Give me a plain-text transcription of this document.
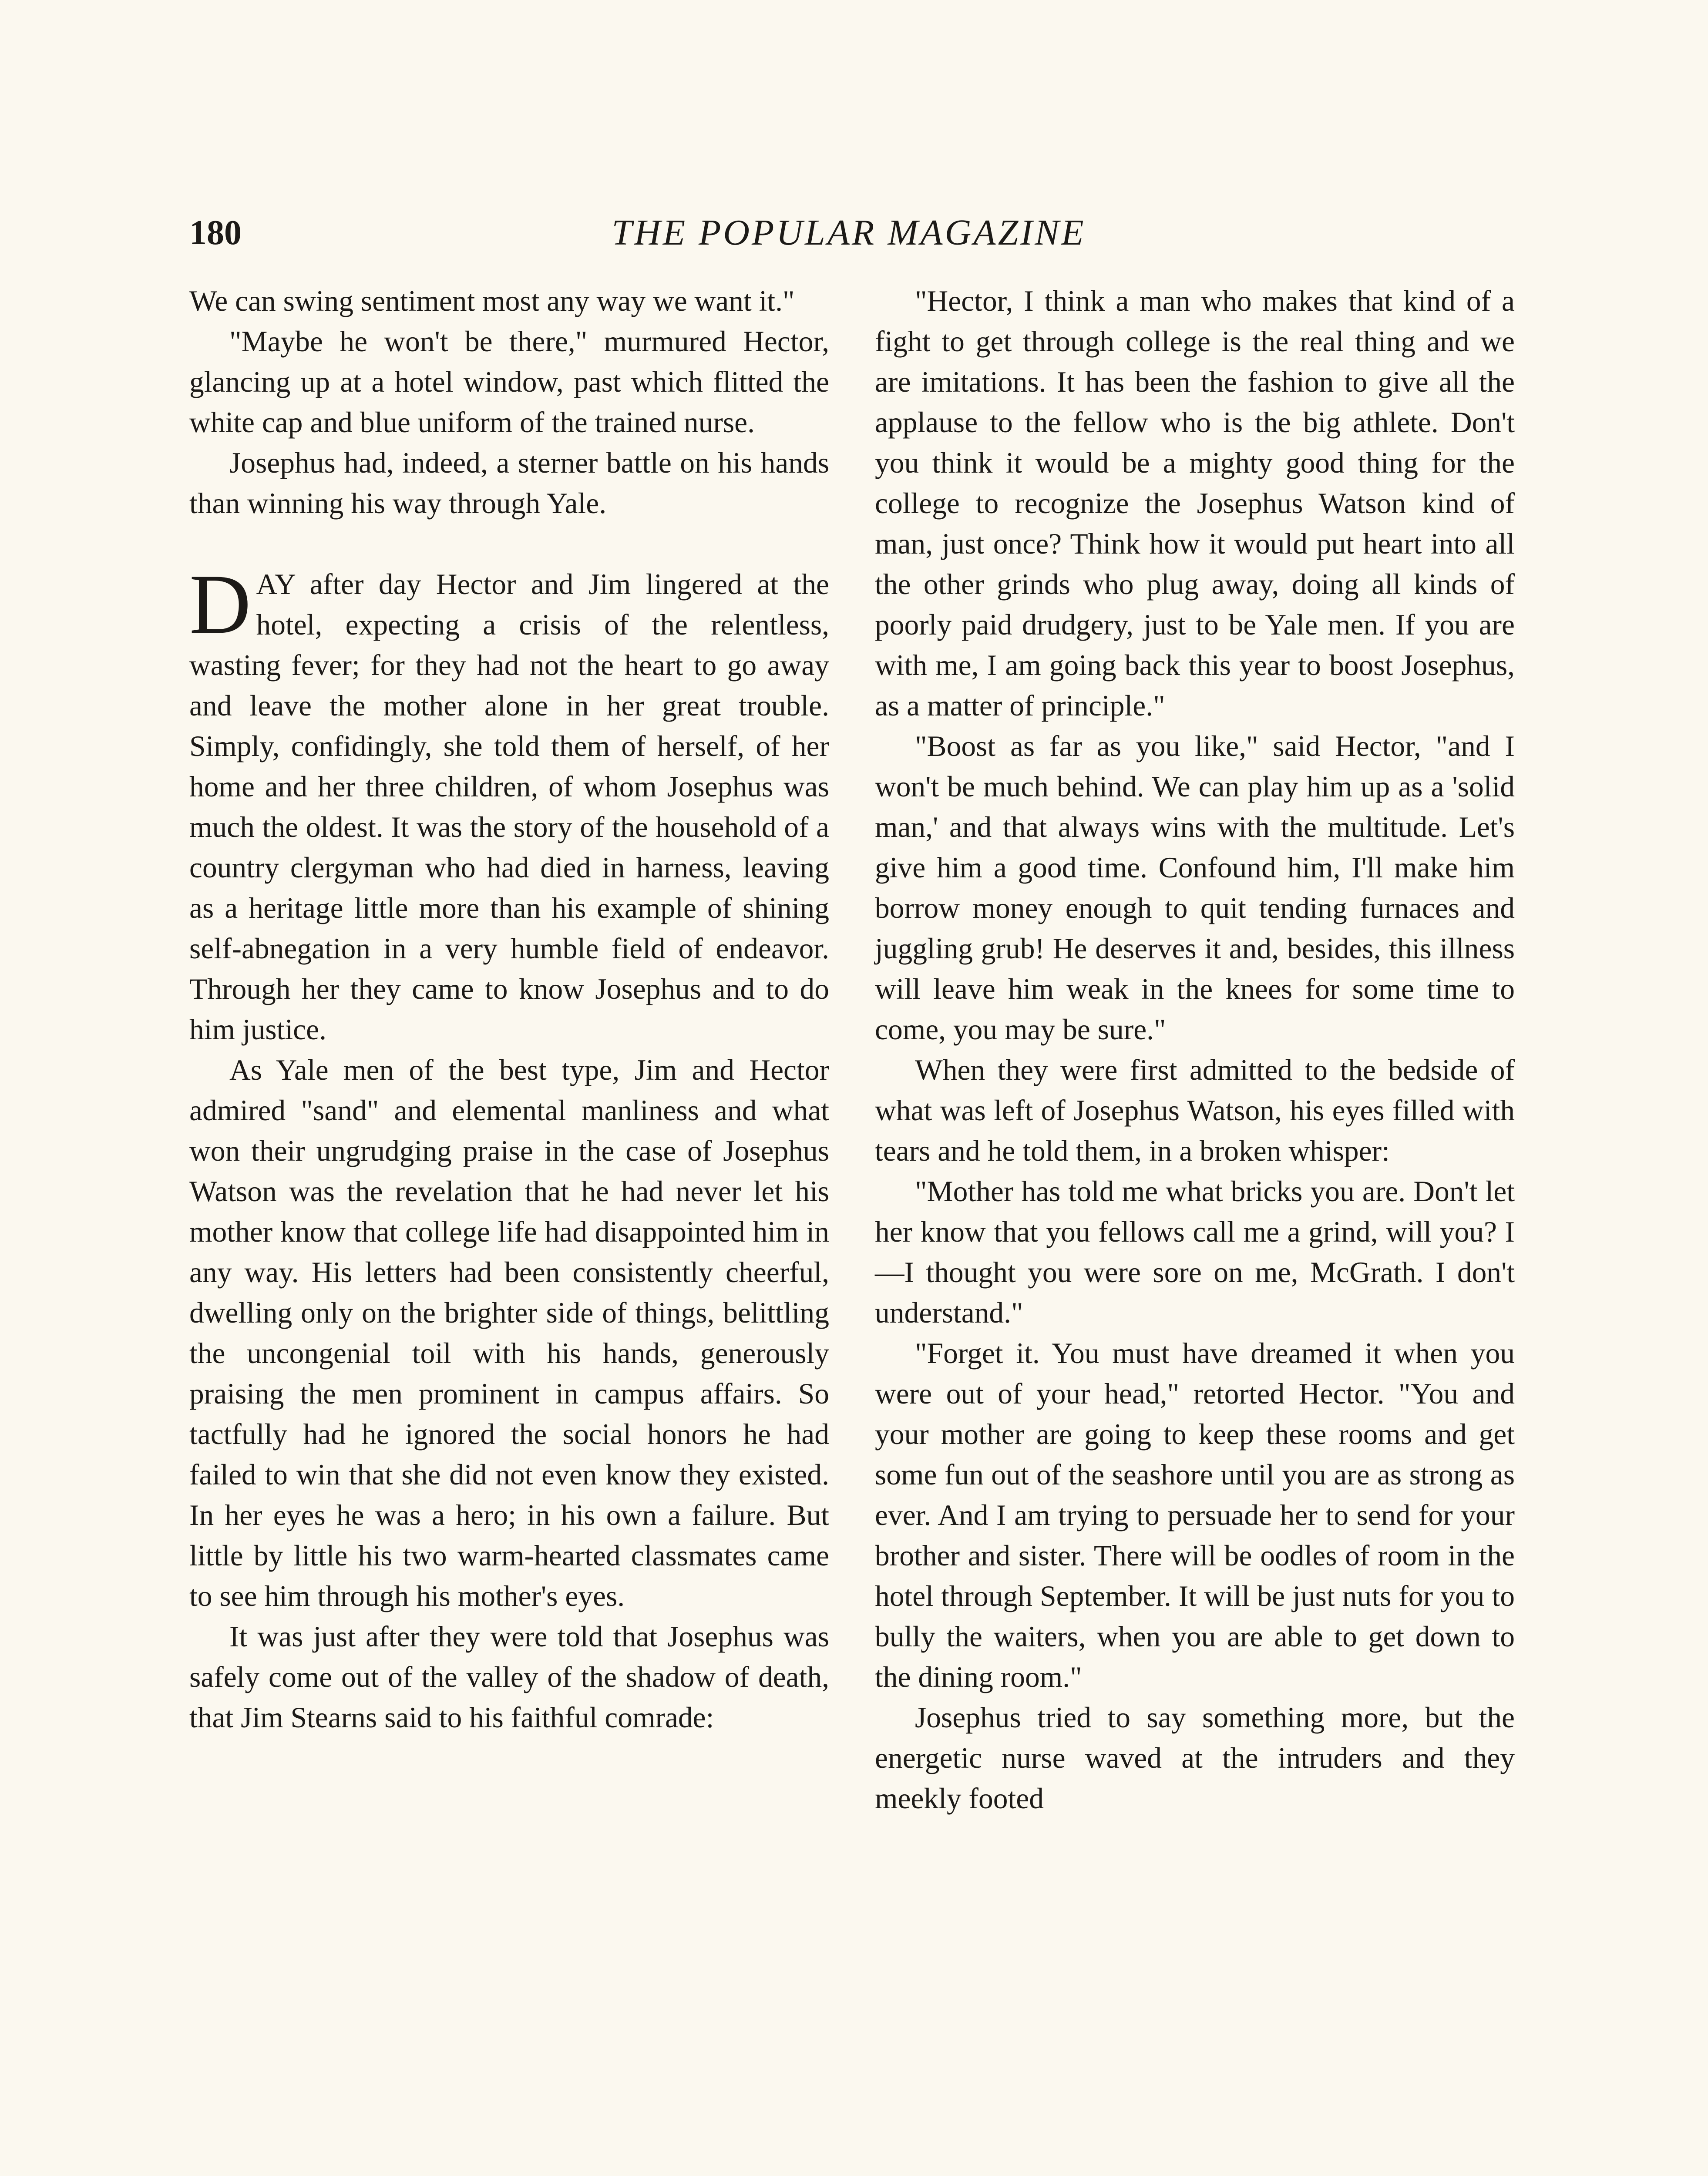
180	THE POPULAR MAGAZINE

We can swing sentiment most any way we want it."

"Maybe he won't be there," murmured Hector, glancing up at a hotel window, past which flitted the white cap and blue uniform of the trained nurse.

Josephus had, indeed, a sterner battle on his hands than winning his way through Yale.

DAY after day Hector and Jim lingered at the hotel, expecting a crisis of the relentless, wasting fever; for they had not the heart to go away and leave the mother alone in her great trouble. Simply, confidingly, she told them of herself, of her home and her three children, of whom Josephus was much the oldest. It was the story of the household of a country clergyman who had died in harness, leaving as a heritage little more than his example of shining self-abnegation in a very humble field of endeavor. Through her they came to know Josephus and to do him justice.

As Yale men of the best type, Jim and Hector admired "sand" and elemental manliness and what won their ungrudging praise in the case of Josephus Watson was the revelation that he had never let his mother know that college life had disappointed him in any way. His letters had been consistently cheerful, dwelling only on the brighter side of things, belittling the uncongenial toil with his hands, generously praising the men prominent in campus affairs. So tactfully had he ignored the social honors he had failed to win that she did not even know they existed. In her eyes he was a hero; in his own a failure. But little by little his two warm-hearted classmates came to see him through his mother's eyes.

It was just after they were told that Josephus was safely come out of the valley of the shadow of death, that Jim Stearns said to his faithful comrade:

"Hector, I think a man who makes that kind of a fight to get through college is the real thing and we are imitations. It has been the fashion to give all the applause to the fellow who is the big athlete. Don't you think it would be a mighty good thing for the college to recognize the Josephus Watson kind of man, just once? Think how it would put heart into all the other grinds who plug away, doing all kinds of poorly paid drudgery, just to be Yale men. If you are with me, I am going back this year to boost Josephus, as a matter of principle."

"Boost as far as you like," said Hector, "and I won't be much behind. We can play him up as a 'solid man,' and that always wins with the multitude. Let's give him a good time. Confound him, I'll make him borrow money enough to quit tending furnaces and juggling grub! He deserves it and, besides, this illness will leave him weak in the knees for some time to come, you may be sure."

When they were first admitted to the bedside of what was left of Josephus Watson, his eyes filled with tears and he told them, in a broken whisper:

"Mother has told me what bricks you are. Don't let her know that you fellows call me a grind, will you? I—I thought you were sore on me, McGrath. I don't understand."

"Forget it. You must have dreamed it when you were out of your head," retorted Hector. "You and your mother are going to keep these rooms and get some fun out of the seashore until you are as strong as ever. And I am trying to persuade her to send for your brother and sister. There will be oodles of room in the hotel through September. It will be just nuts for you to bully the waiters, when you are able to get down to the dining room."

Josephus tried to say something more, but the energetic nurse waved at the intruders and they meekly footed
